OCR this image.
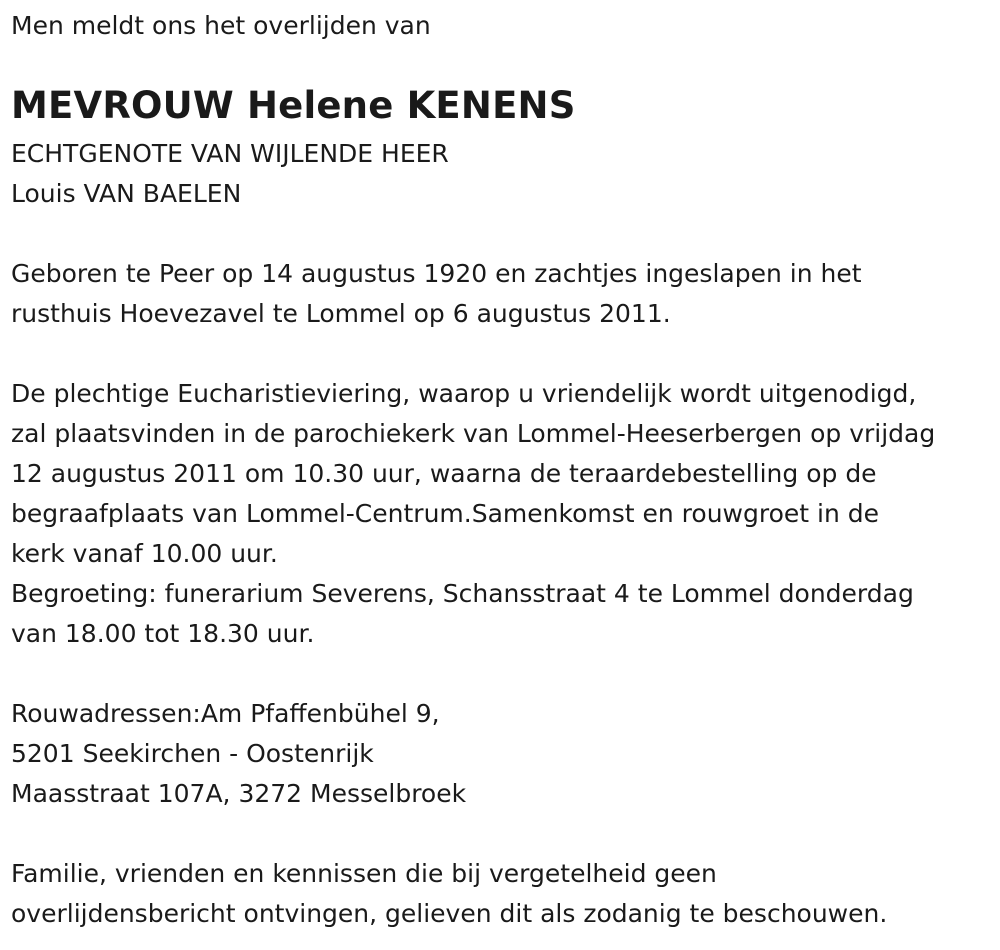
Men meldt ons het overlijden van
MEVROUW Helene KENENS
ECHTGENOTE VAN WIJLENDE HEER
Louis VAN BAELEN
Geboren te Peer op 14 augustus 1920 en zachtjes ingeslapen in het
rusthuis Hoevezavel te Lommel op 6 augustus 2011.
De plechtige Eucharistieviering, waarop u vriendelijk wordt uitgenodigd,
zal plaatsvinden in de parochiekerk van Lommel-Heeserbergen op vrijdag
12 augustus 2011 om 10.30 uur, waarna de teraardebestelling op de
begraafplaats van Lommel-Centrum.Samenkomst en rouwgroet in de
kerk vanaf 10.00 uur.
Begroeting: funerarium Severens, Schansstraat 4 te Lommel donderdag
van 18.00 tot 18.30 uur.
Rouwadressen:Am Pfaffenbühel 9,
5201 Seekirchen - Oostenrijk
Maasstraat 107A, 3272 Messelbroek
Familie, vrienden en kennissen die bij vergetelheid geen
overlijdensbericht ontvingen, gelieven dit als zodanig te beschouwen.
